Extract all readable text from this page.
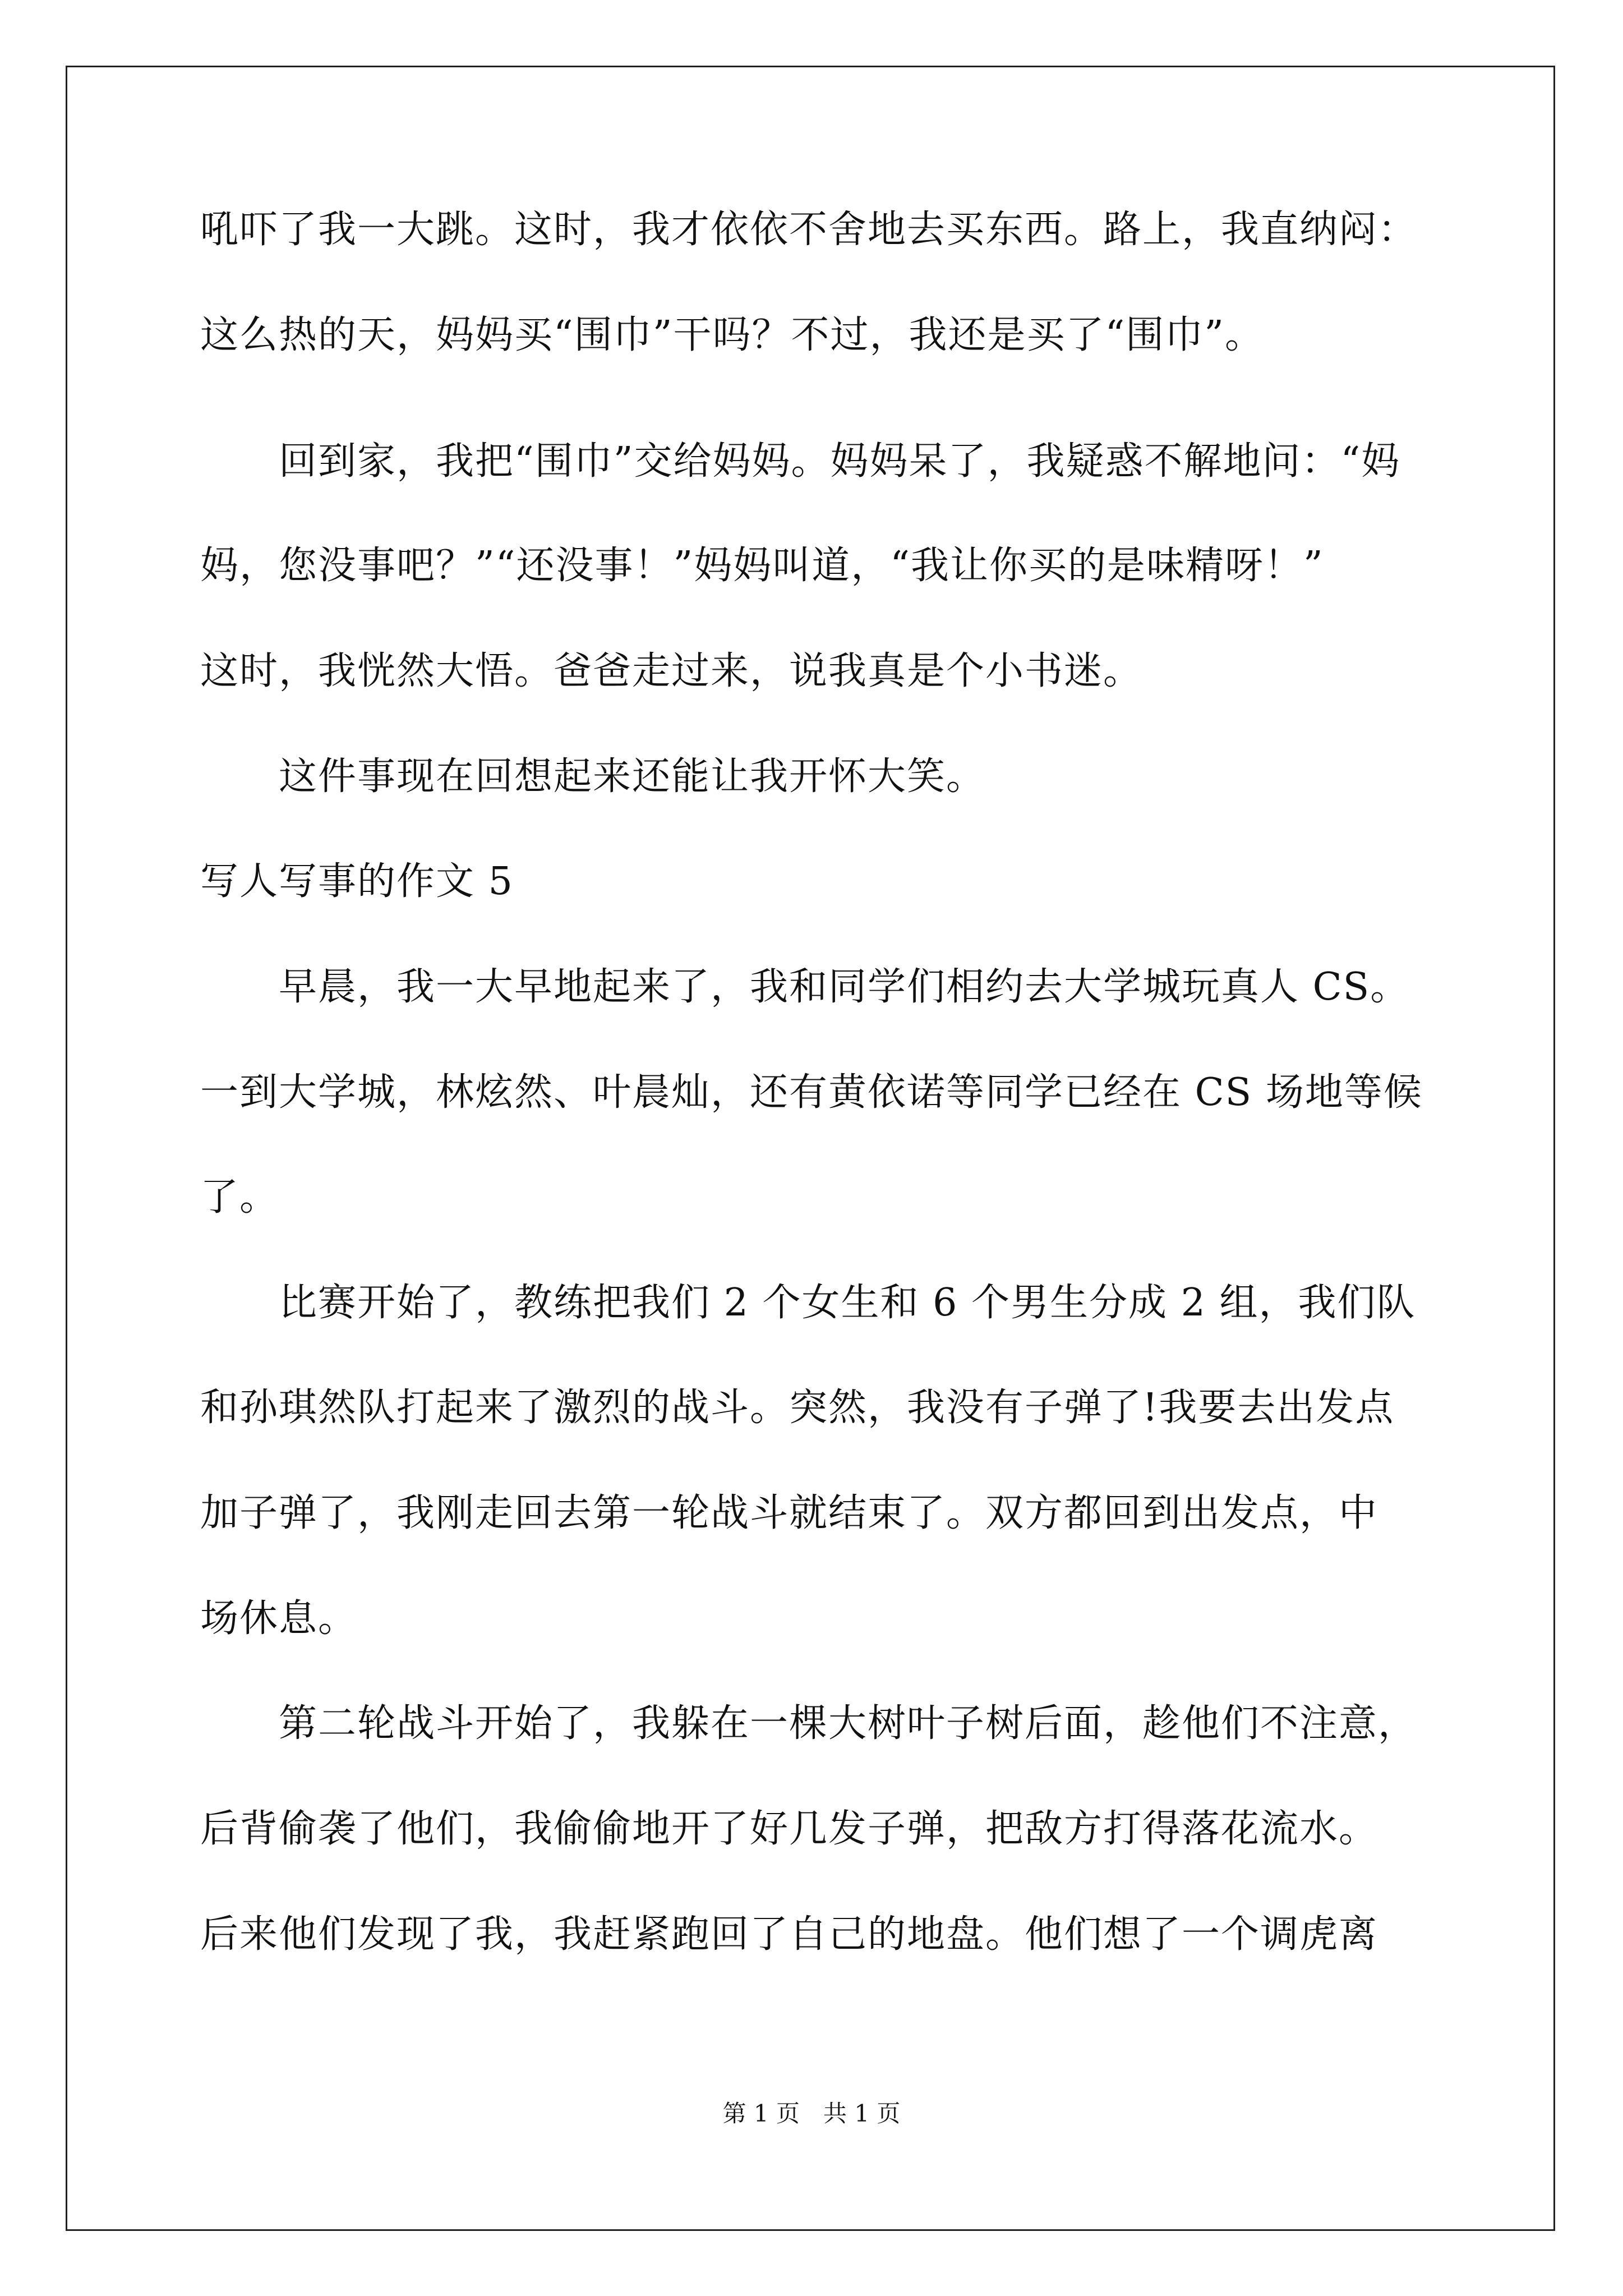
吼吓了我一大跳。这时，我才依依不舍地去买东西。路上，我直纳闷：
这么热的天，妈妈买“围巾”干吗？不过，我还是买了“围巾”。
　　回到家，我把“围巾”交给妈妈。妈妈呆了，我疑惑不解地问：“妈
妈，您没事吧？”“还没事！”妈妈叫道，“我让你买的是味精呀！”
这时，我恍然大悟。爸爸走过来，说我真是个小书迷。
　　这件事现在回想起来还能让我开怀大笑。
写人写事的作文 5
　　早晨，我一大早地起来了，我和同学们相约去大学城玩真人 CS。
一到大学城，林炫然、叶晨灿，还有黄依诺等同学已经在 CS 场地等候
了。
　　比赛开始了，教练把我们 2 个女生和 6 个男生分成 2 组，我们队
和孙琪然队打起来了激烈的战斗。突然，我没有子弹了!我要去出发点
加子弹了，我刚走回去第一轮战斗就结束了。双方都回到出发点，中
场休息。
　　第二轮战斗开始了，我躲在一棵大树叶子树后面，趁他们不注意，
后背偷袭了他们，我偷偷地开了好几发子弹，把敌方打得落花流水。
后来他们发现了我，我赶紧跑回了自己的地盘。他们想了一个调虎离
第 1 页　共 1 页
